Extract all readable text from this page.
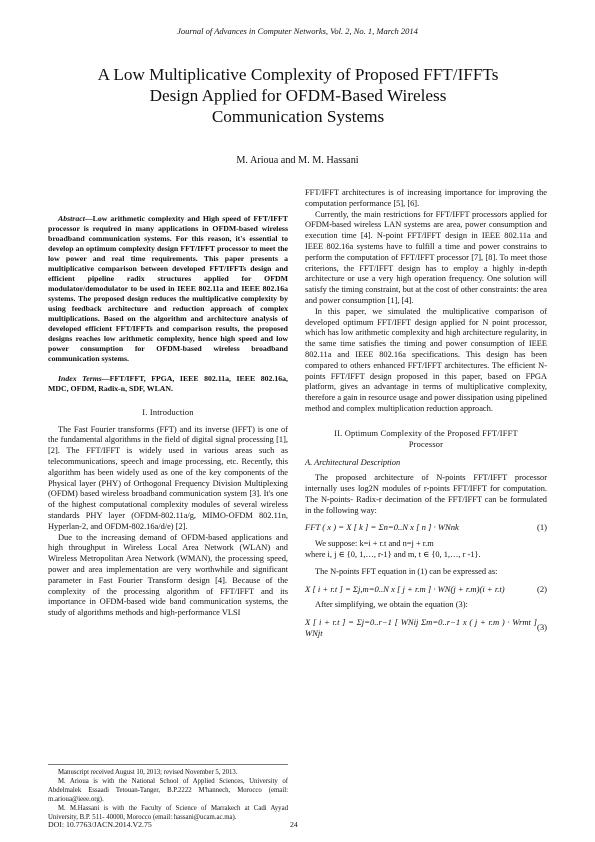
Journal of Advances in Computer Networks, Vol. 2, No. 1, March 2014
A Low Multiplicative Complexity of Proposed FFT/IFFTs
Design Applied for OFDM-Based Wireless
Communication Systems
M. Arioua and M. M. Hassani

Abstract—Low arithmetic complexity and High speed of FFT/IFFT processor is required in many applications in OFDM-based wireless broadband communication systems. For this reason, it's essential to develop an optimum complexity design FFT/IFFT processor to meet the low power and real time requirements. This paper presents a multiplicative comparison between developed FFT/IFFTs design and efficient pipeline radix structures applied for OFDM modulator/demodulator to be used in IEEE 802.11a and IEEE 802.16a systems. The proposed design reduces the multiplicative complexity by using feedback architecture and reduction approach of complex multiplications. Based on the algorithm and architecture analysis of developed efficient FFT/IFFTs and comparison results, the proposed designs reaches low arithmetic complexity, hence high speed and low power consumption for OFDM-based wireless broadband communication systems.

Index Terms—FFT/IFFT, FPGA, IEEE 802.11a, IEEE 802.16a, MDC, OFDM, Radix-n, SDF, WLAN.

I. Introduction

The Fast Fourier transforms (FFT) and its inverse (IFFT) is one of the fundamental algorithms in the field of digital signal processing [1], [2]. The FFT/IFFT is widely used in various areas such as telecommunications, speech and image processing, etc. Recently, this algorithm has been widely used as one of the key components of the Physical layer (PHY) of Orthogonal Frequency Division Multiplexing (OFDM) based wireless broadband communication system [3]. It's one of the highest computational complexity modules of several wireless standards PHY layer (OFDM-802.11a/g, MIMO-OFDM 802.11n, Hyperlan-2, and OFDM-802.16a/d/e) [2].

Due to the increasing demand of OFDM-based applications and high throughput in Wireless Local Area Network (WLAN) and Wireless Metropolitan Area Network (WMAN), the processing speed, power and area implementation are very worthwhile and significant parameter in Fast Fourier Transform design [4]. Because of the complexity of the processing algorithm of FFT/IFFT and its importance in OFDM-based wide band communication systems, the study of algorithms methods and high-performance VLSI

FFT/IFFT architectures is of increasing importance for improving the computation performance [5], [6].

Currently, the main restrictions for FFT/IFFT processors applied for OFDM-based wireless LAN systems are area, power consumption and execution time [4]. N-point FFT/IFFT design in IEEE 802.11a and IEEE 802.16a systems have to fulfill a time and power constrains to perform the computation of FFT/IFFT processor [7], [8]. To meet those criterions, the FFT/IFFT design has to employ a highly in-depth architecture or use a very high operation frequency. One solution will satisfy the timing constraint, but at the cost of other constraints: the area and power consumption [1], [4].

In this paper, we simulated the multiplicative comparison of developed optimum FFT/IFFT design applied for N point processor, which has low arithmetic complexity and high architecture regularity, in the same time satisfies the timing and power consumption of IEEE 802.11a and IEEE 802.16a specifications. This design has been compared to others enhanced FFT/IFFT architectures. The efficient N-points FFT/IFFT design proposed in this paper, based on FPGA platform, gives an advantage in terms of multiplicative complexity, therefore a gain in resource usage and power dissipation using pipelined method and complex multiplication reduction approach.

II. Optimum Complexity of the Proposed FFT/IFFT
Processor
A. Architectural Description

The proposed architecture of N-points FFT/IFFT processor internally uses log2N modules of r-points FFT/IFFT for computation. The N-points- Radix-r decimation of the FFT/IFFT can be formulated in the following way:

FFT ( x ) = X [ k ] = Σn=0..N x [ n ] · WNnk	(1)
We suppose: k=i + r.t and n=j + r.m
where i, j ∈ {0, 1,…, r-1} and m, t ∈ {0, 1,…, r -1}.
The N-points FFT equation in (1) can be expressed as:
X [ i + r.t ] = Σj,m=0..N x [ j + r.m ] · WN(j + r.m)(i + r.t)	(2)
After simplifying, we obtain the equation (3):
X [ i + r.t ] = Σj=0..r−1 [ WNij Σm=0..r−1 x ( j + r.m ) · Wrmt ] WNjt
(3)
Manuscript received August 10, 2013; revised November 5, 2013.
M. Arioua is with the National School of Applied Sciences, University of Abdelmalek Essaadi Tetouan-Tanger, B.P.2222 M'hannech, Morocco (email: m.arioua@ieee.org).
M. M.Hassani is with the Faculty of Science of Marrakech at Cadi Ayyad University, B.P. 511- 40000, Morocco (email: hassani@ucam.ac.ma).
DOI: 10.7763/JACN.2014.V2.75	24
